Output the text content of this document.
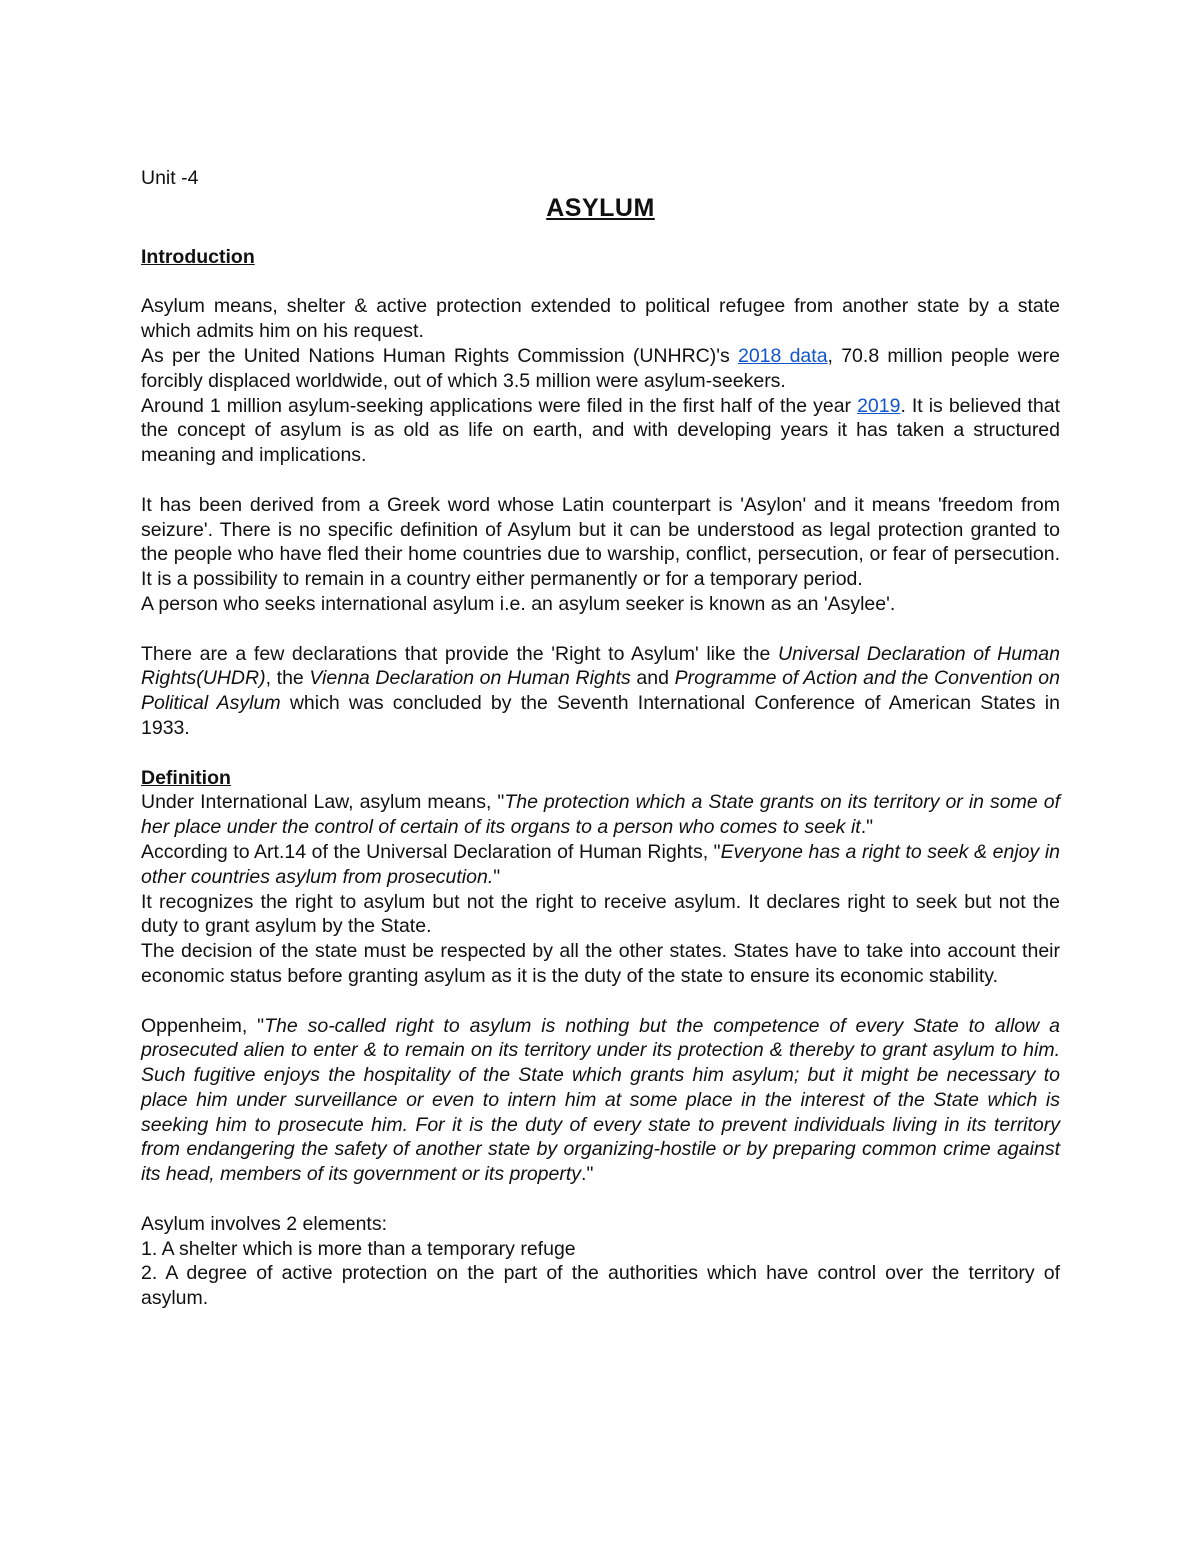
Unit -4
ASYLUM
Introduction

Asylum means, shelter & active protection extended to political refugee from another state by a state which admits him on his request.

As per the United Nations Human Rights Commission (UNHRC)'s 2018 data, 70.8 million people were forcibly displaced worldwide, out of which 3.5 million were asylum-seekers.

Around 1 million asylum-seeking applications were filed in the first half of the year 2019. It is believed that the concept of asylum is as old as life on earth, and with developing years it has taken a structured meaning and implications.

It has been derived from a Greek word whose Latin counterpart is 'Asylon' and it means 'freedom from seizure'. There is no specific definition of Asylum but it can be understood as legal protection granted to the people who have fled their home countries due to warship, conflict, persecution, or fear of persecution. It is a possibility to remain in a country either permanently or for a temporary period.

A person who seeks international asylum i.e. an asylum seeker is known as an 'Asylee'.

There are a few declarations that provide the 'Right to Asylum' like the Universal Declaration of Human Rights(UHDR), the Vienna Declaration on Human Rights and Programme of Action and the Convention on Political Asylum which was concluded by the Seventh International Conference of American States in 1933.

Definition

Under International Law, asylum means, "The protection which a State grants on its territory or in some of her place under the control of certain of its organs to a person who comes to seek it."

According to Art.14 of the Universal Declaration of Human Rights, "Everyone has a right to seek & enjoy in other countries asylum from prosecution."

It recognizes the right to asylum but not the right to receive asylum. It declares right to seek but not the duty to grant asylum by the State.

The decision of the state must be respected by all the other states. States have to take into account their economic status before granting asylum as it is the duty of the state to ensure its economic stability.

Oppenheim, "The so-called right to asylum is nothing but the competence of every State to allow a prosecuted alien to enter & to remain on its territory under its protection & thereby to grant asylum to him. Such fugitive enjoys the hospitality of the State which grants him asylum; but it might be necessary to place him under surveillance or even to intern him at some place in the interest of the State which is seeking him to prosecute him. For it is the duty of every state to prevent individuals living in its territory from endangering the safety of another state by organizing-hostile or by preparing common crime against its head, members of its government or its property."

Asylum involves 2 elements:

1. A shelter which is more than a temporary refuge

2. A degree of active protection on the part of the authorities which have control over the territory of asylum.
